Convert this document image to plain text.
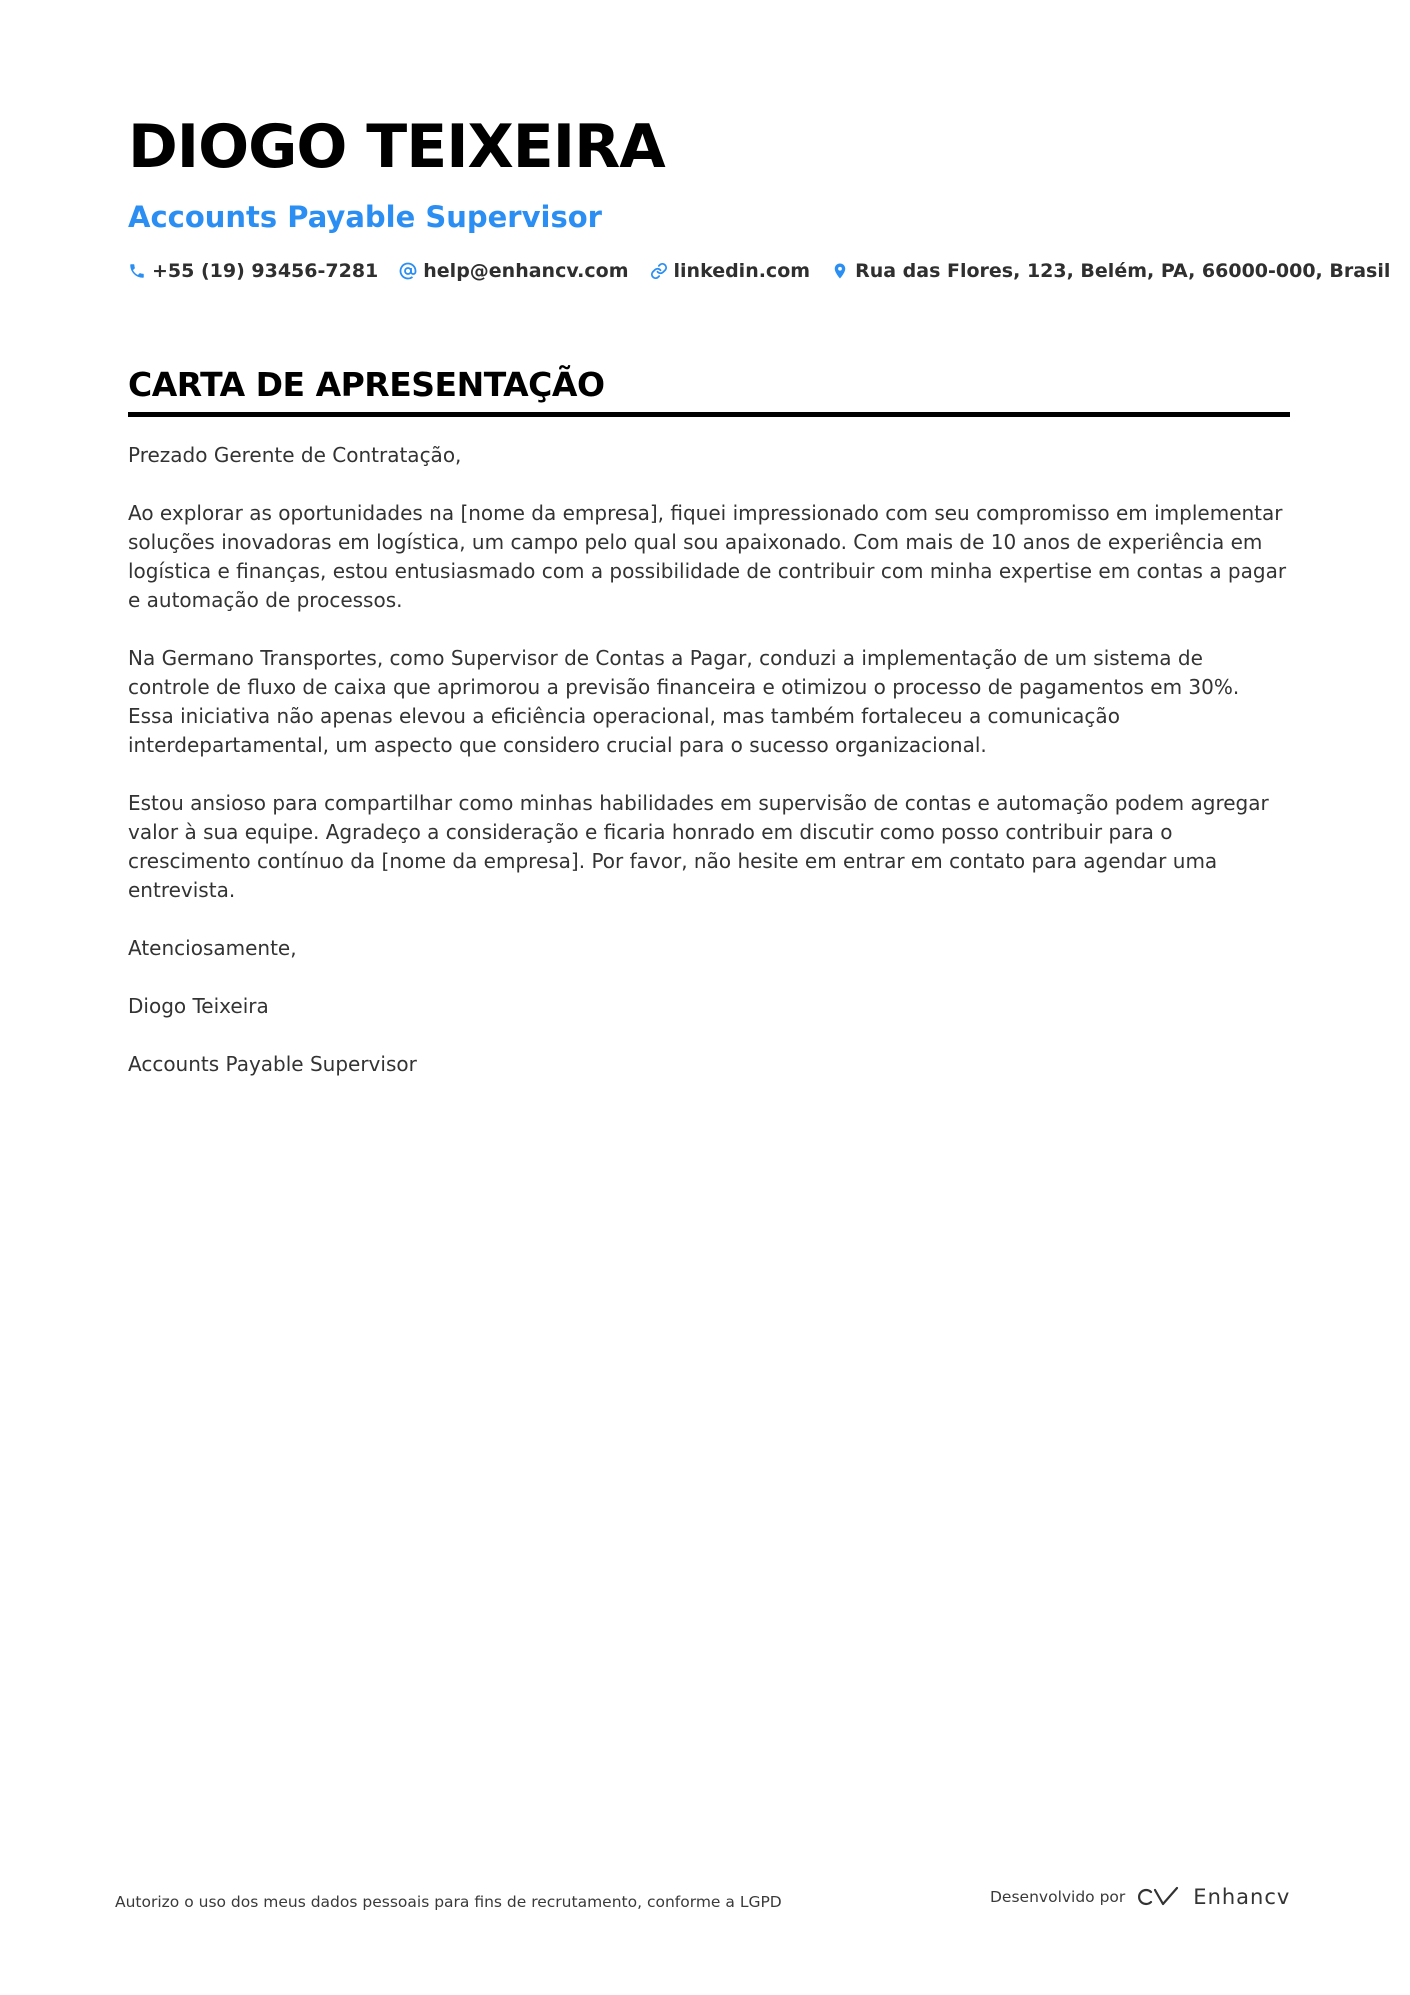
DIOGO TEIXEIRA
Accounts Payable Supervisor
+55 (19) 93456-7281 help@enhancv.com linkedin.com Rua das Flores, 123, Belém, PA, 66000-000, Brasil
CARTA DE APRESENTAÇÃO

Prezado Gerente de Contratação,

Ao explorar as oportunidades na [nome da empresa], fiquei impressionado com seu compromisso em implementar soluções inovadoras em logística, um campo pelo qual sou apaixonado. Com mais de 10 anos de experiência em logística e finanças, estou entusiasmado com a possibilidade de contribuir com minha expertise em contas a pagar e automação de processos.

Na Germano Transportes, como Supervisor de Contas a Pagar, conduzi a implementação de um sistema de controle de fluxo de caixa que aprimorou a previsão financeira e otimizou o processo de pagamentos em 30%. Essa iniciativa não apenas elevou a eficiência operacional, mas também fortaleceu a comunicação interdepartamental, um aspecto que considero crucial para o sucesso organizacional.

Estou ansioso para compartilhar como minhas habilidades em supervisão de contas e automação podem agregar valor à sua equipe. Agradeço a consideração e ficaria honrado em discutir como posso contribuir para o crescimento contínuo da [nome da empresa]. Por favor, não hesite em entrar em contato para agendar uma entrevista.

Atenciosamente,

Diogo Teixeira

Accounts Payable Supervisor

Autorizo o uso dos meus dados pessoais para fins de recrutamento, conforme a LGPD	Desenvolvido por	Enhancv
